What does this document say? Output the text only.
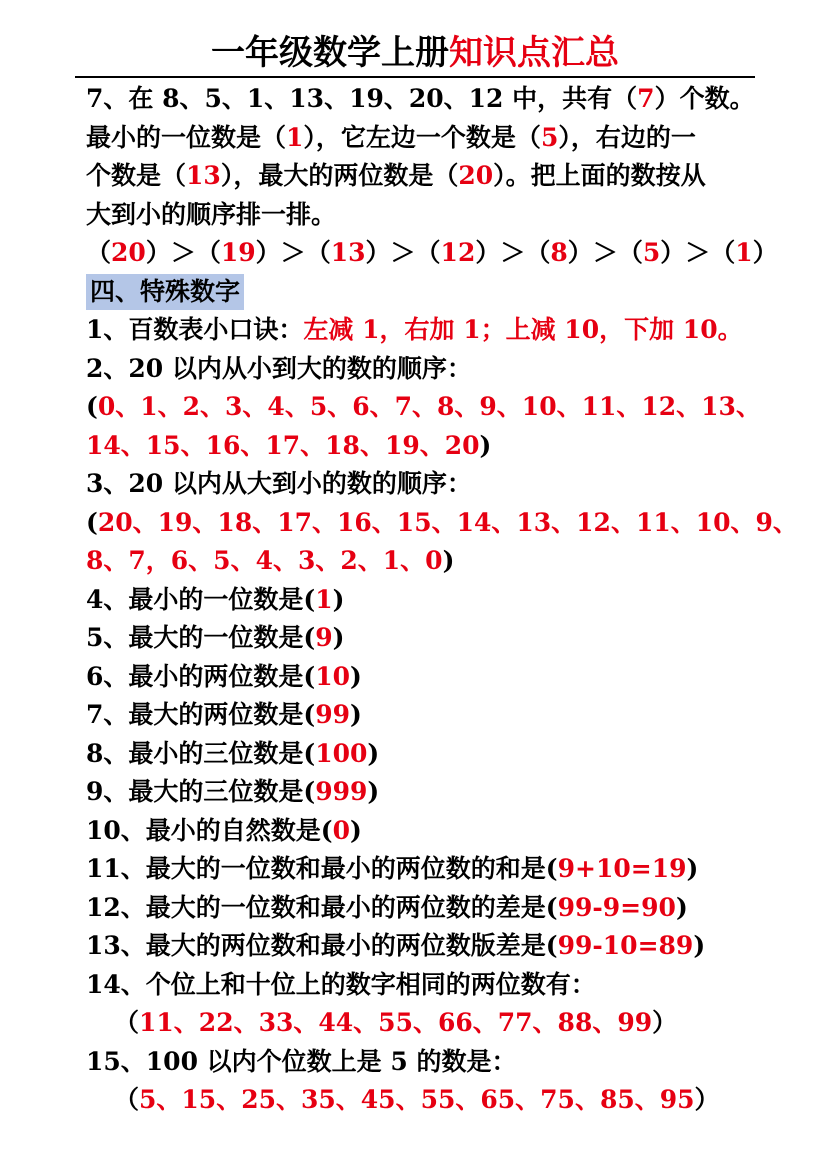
一年级数学上册知识点汇总
7、在 8、5、1、13、19、20、12 中，共有（7）个数。
最小的一位数是（1），它左边一个数是（5），右边的一
个数是（13），最大的两位数是（20）。把上面的数按从
大到小的顺序排一排。
（20）＞（19）＞（13）＞（12）＞（8）＞（5）＞（1）
四、特殊数字
1、百数表小口诀：左减 1，右加 1；上减 10，下加 10。
2、20 以内从小到大的数的顺序：
(0、1、2、3、4、5、6、7、8、9、10、11、12、13、
14、15、16、17、18、19、20)
3、20 以内从大到小的数的顺序：
(20、19、18、17、16、15、14、13、12、11、10、9、
8、7，6、5、4、3、2、1、0)
4、最小的一位数是(1)
5、最大的一位数是(9)
6、最小的两位数是(10)
7、最大的两位数是(99)
8、最小的三位数是(100)
9、最大的三位数是(999)
10、最小的自然数是(0)
11、最大的一位数和最小的两位数的和是(9+10=19)
12、最大的一位数和最小的两位数的差是(99-9=90)
13、最大的两位数和最小的两位数版差是(99-10=89)
14、个位上和十位上的数字相同的两位数有：
（11、22、33、44、55、66、77、88、99）
15、100 以内个位数上是 5 的数是：
（5、15、25、35、45、55、65、75、85、95）
